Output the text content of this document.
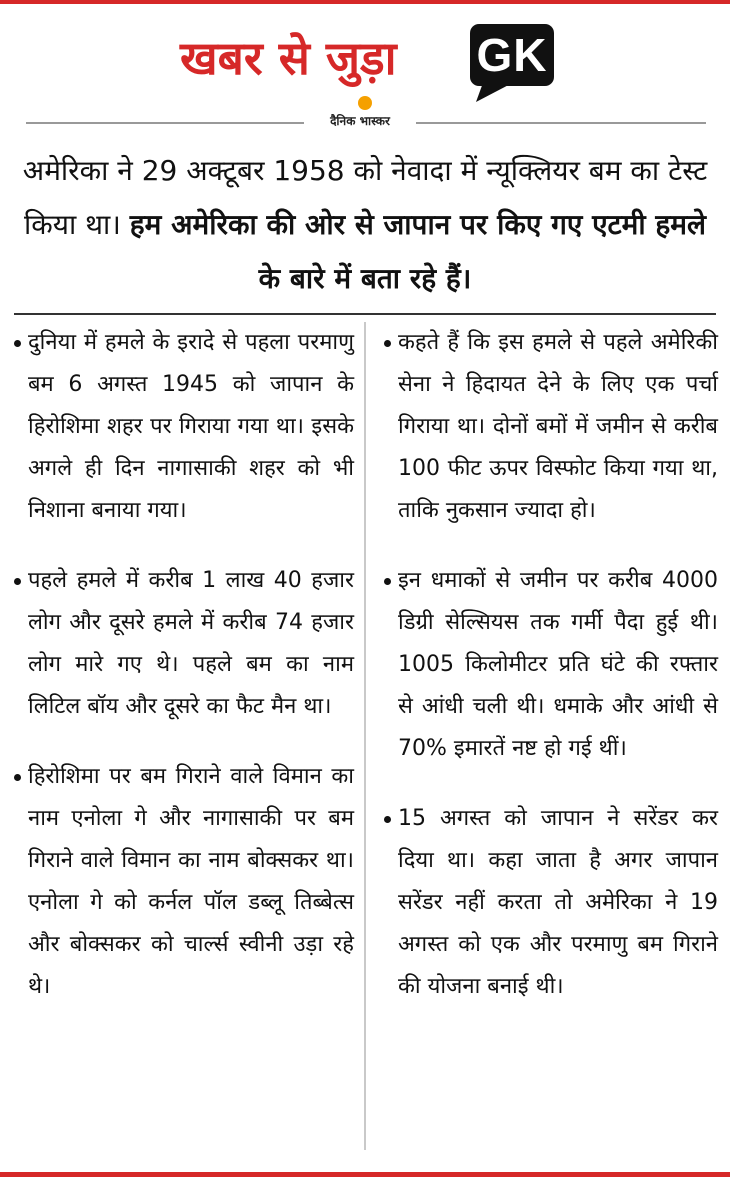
खबर से जुड़ा GK
दैनिक भास्कर
अमेरिका ने 29 अक्टूबर 1958 को नेवादा में न्यूक्लियर बम का टेस्ट किया था। हम अमेरिका की ओर से जापान पर किए गए एटमी हमले के बारे में बता रहे हैं।
दुनिया में हमले के इरादे से पहला परमाणु बम 6 अगस्त 1945 को जापान के हिरोशिमा शहर पर गिराया गया था। इसके अगले ही दिन नागासाकी शहर को भी निशाना बनाया गया।
पहले हमले में करीब 1 लाख 40 हजार लोग और दूसरे हमले में करीब 74 हजार लोग मारे गए थे। पहले बम का नाम लिटिल बॉय और दूसरे का फैट मैन था।
हिरोशिमा पर बम गिराने वाले विमान का नाम एनोला गे और नागासाकी पर बम गिराने वाले विमान का नाम बोक्सकर था। एनोला गे को कर्नल पॉल डब्लू तिब्बेत्स और बोक्सकर को चार्ल्स स्वीनी उड़ा रहे थे।
कहते हैं कि इस हमले से पहले अमेरिकी सेना ने हिदायत देने के लिए एक पर्चा गिराया था। दोनों बमों में जमीन से करीब 100 फीट ऊपर विस्फोट किया गया था, ताकि नुकसान ज्यादा हो।
इन धमाकों से जमीन पर करीब 4000 डिग्री सेल्सियस तक गर्मी पैदा हुई थी। 1005 किलोमीटर प्रति घंटे की रफ्तार से आंधी चली थी। धमाके और आंधी से 70% इमारतें नष्ट हो गई थीं।
15 अगस्त को जापान ने सरेंडर कर दिया था। कहा जाता है अगर जापान सरेंडर नहीं करता तो अमेरिका ने 19 अगस्त को एक और परमाणु बम गिराने की योजना बनाई थी।
